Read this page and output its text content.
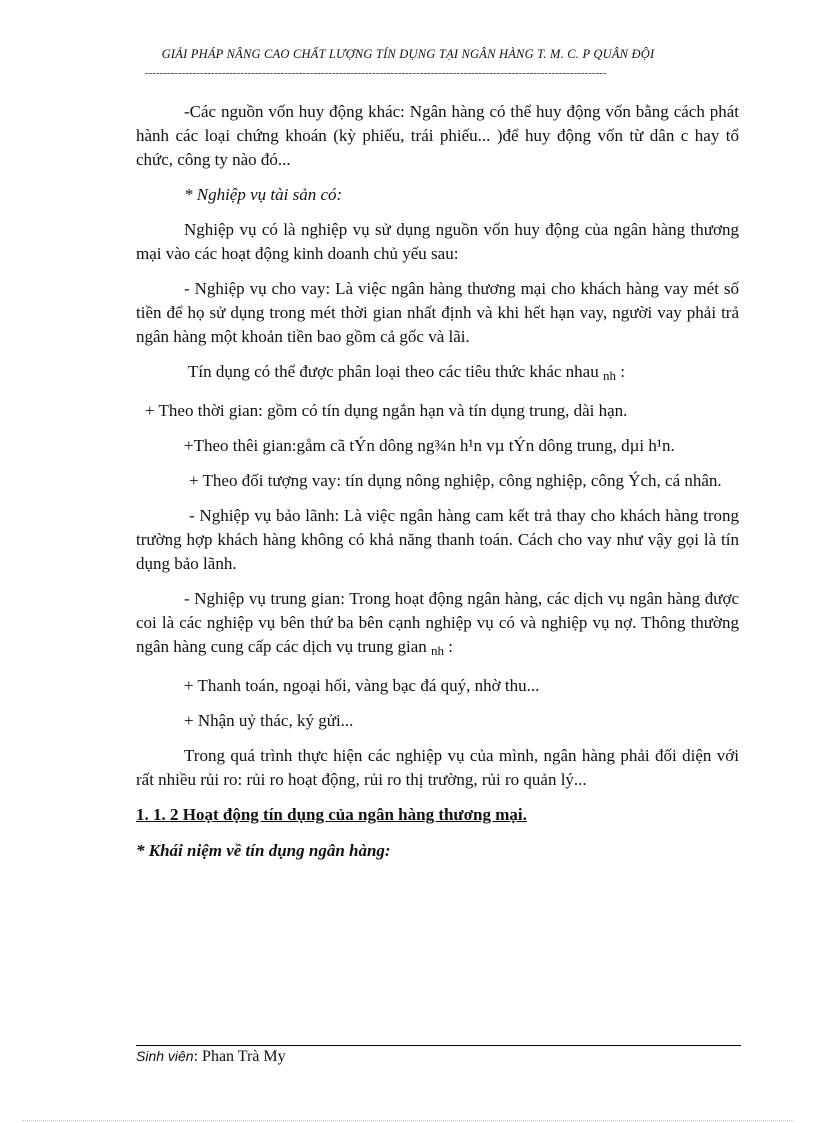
GIẢI PHÁP NÂNG CAO CHẤT LƯỢNG TÍN DỤNG TẠI NGÂN HÀNG T. M. C. P QUÂN ĐỘI
------------------------------------------------------------------------------------------------------------------------------

-Các nguồn vốn huy động khác: Ngân hàng có thể huy động vốn bằng cách phát hành các loại chứng khoán (kỳ phiếu, trái phiếu... )để huy động vốn từ dân c hay tổ chức, công ty nào đó...

* Nghiệp vụ tài sản có:

Nghiệp vụ có là nghiệp vụ sử dụng nguồn vốn huy động của ngân hàng thương mại vào các hoạt động kinh doanh chủ yếu sau:

- Nghiệp vụ cho vay: Là việc ngân hàng thương mại cho khách hàng vay mét số tiền để họ sử dụng trong mét thời gian nhất định và khi hết hạn vay, người vay phải trả ngân hàng một khoản tiền bao gồm cả gốc và lãi.

Tín dụng có thể được phân loại theo các tiêu thức khác nhau $_{nh}$ :

+ Theo thời gian: gồm có tín dụng ngắn hạn và tín dụng trung, dài hạn.

+Theo thêi gian:gåm cã tÝn dông ng¾n h¹n vµ tÝn dông trung, dµi h¹n.

+ Theo đối tượng vay: tín dụng nông nghiệp, công nghiệp, công Ých, cá nhân.

- Nghiệp vụ bảo lãnh: Là việc ngân hàng cam kết trả thay cho khách hàng trong trường hợp khách hàng không có khả năng thanh toán. Cách cho vay như vậy gọi là tín dụng bảo lãnh.

- Nghiệp vụ trung gian: Trong hoạt động ngân hàng, các dịch vụ ngân hàng được coi là các nghiệp vụ bên thứ ba bên cạnh nghiệp vụ có và nghiệp vụ nợ. Thông thường ngân hàng cung cấp các dịch vụ trung gian $_{nh}$ :

+ Thanh toán, ngoại hối, vàng bạc đá quý, nhờ thu...

+ Nhận uỷ thác, ký gửi...

Trong quá trình thực hiện các nghiệp vụ của mình, ngân hàng phải đối diện với rất nhiều rủi ro: rủi ro hoạt động, rủi ro thị trường, rủi ro quản lý...

1. 1. 2 Hoạt động tín dụng của ngân hàng thương mại.

* Khái niệm về tín dụng ngân hàng:

Sinh viên: Phan Trà My
